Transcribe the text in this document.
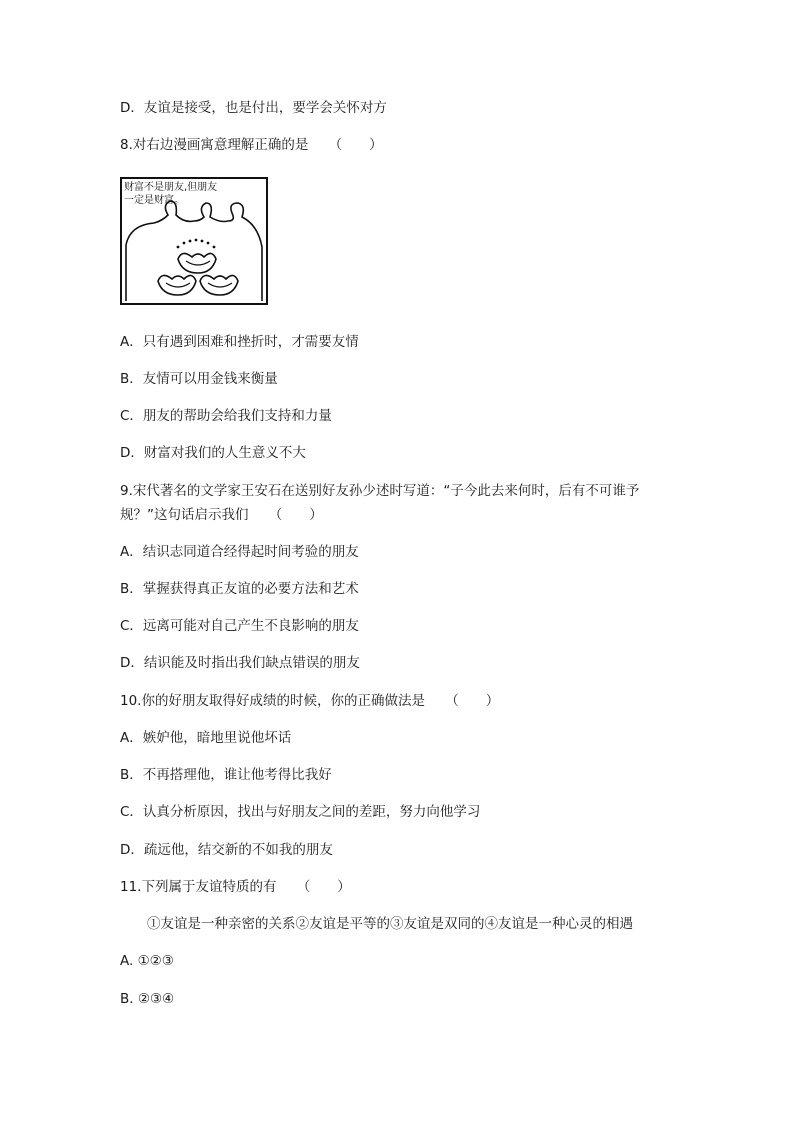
D．友谊是接受，也是付出，要学会关怀对方
8.对右边漫画寓意理解正确的是　　（　　）
财富不是朋友,但朋友
一定是财富。
A．只有遇到困难和挫折时，才需要友情
B．友情可以用金钱来衡量
C．朋友的帮助会给我们支持和力量
D．财富对我们的人生意义不大
9.宋代著名的文学家王安石在送别好友孙少述时写道：“子今此去来何时，后有不可谁予
规？”这句话启示我们　　（　　）
A．结识志同道合经得起时间考验的朋友
B．掌握获得真正友谊的必要方法和艺术
C．远离可能对自己产生不良影响的朋友
D．结识能及时指出我们缺点错误的朋友
10.你的好朋友取得好成绩的时候，你的正确做法是　　（　　）
A．嫉妒他，暗地里说他坏话
B．不再搭理他，谁让他考得比我好
C．认真分析原因，找出与好朋友之间的差距，努力向他学习
D．疏远他，结交新的不如我的朋友
11.下列属于友谊特质的有　　（　　）
①友谊是一种亲密的关系②友谊是平等的③友谊是双同的④友谊是一种心灵的相遇
A. ①②③
B. ②③④
